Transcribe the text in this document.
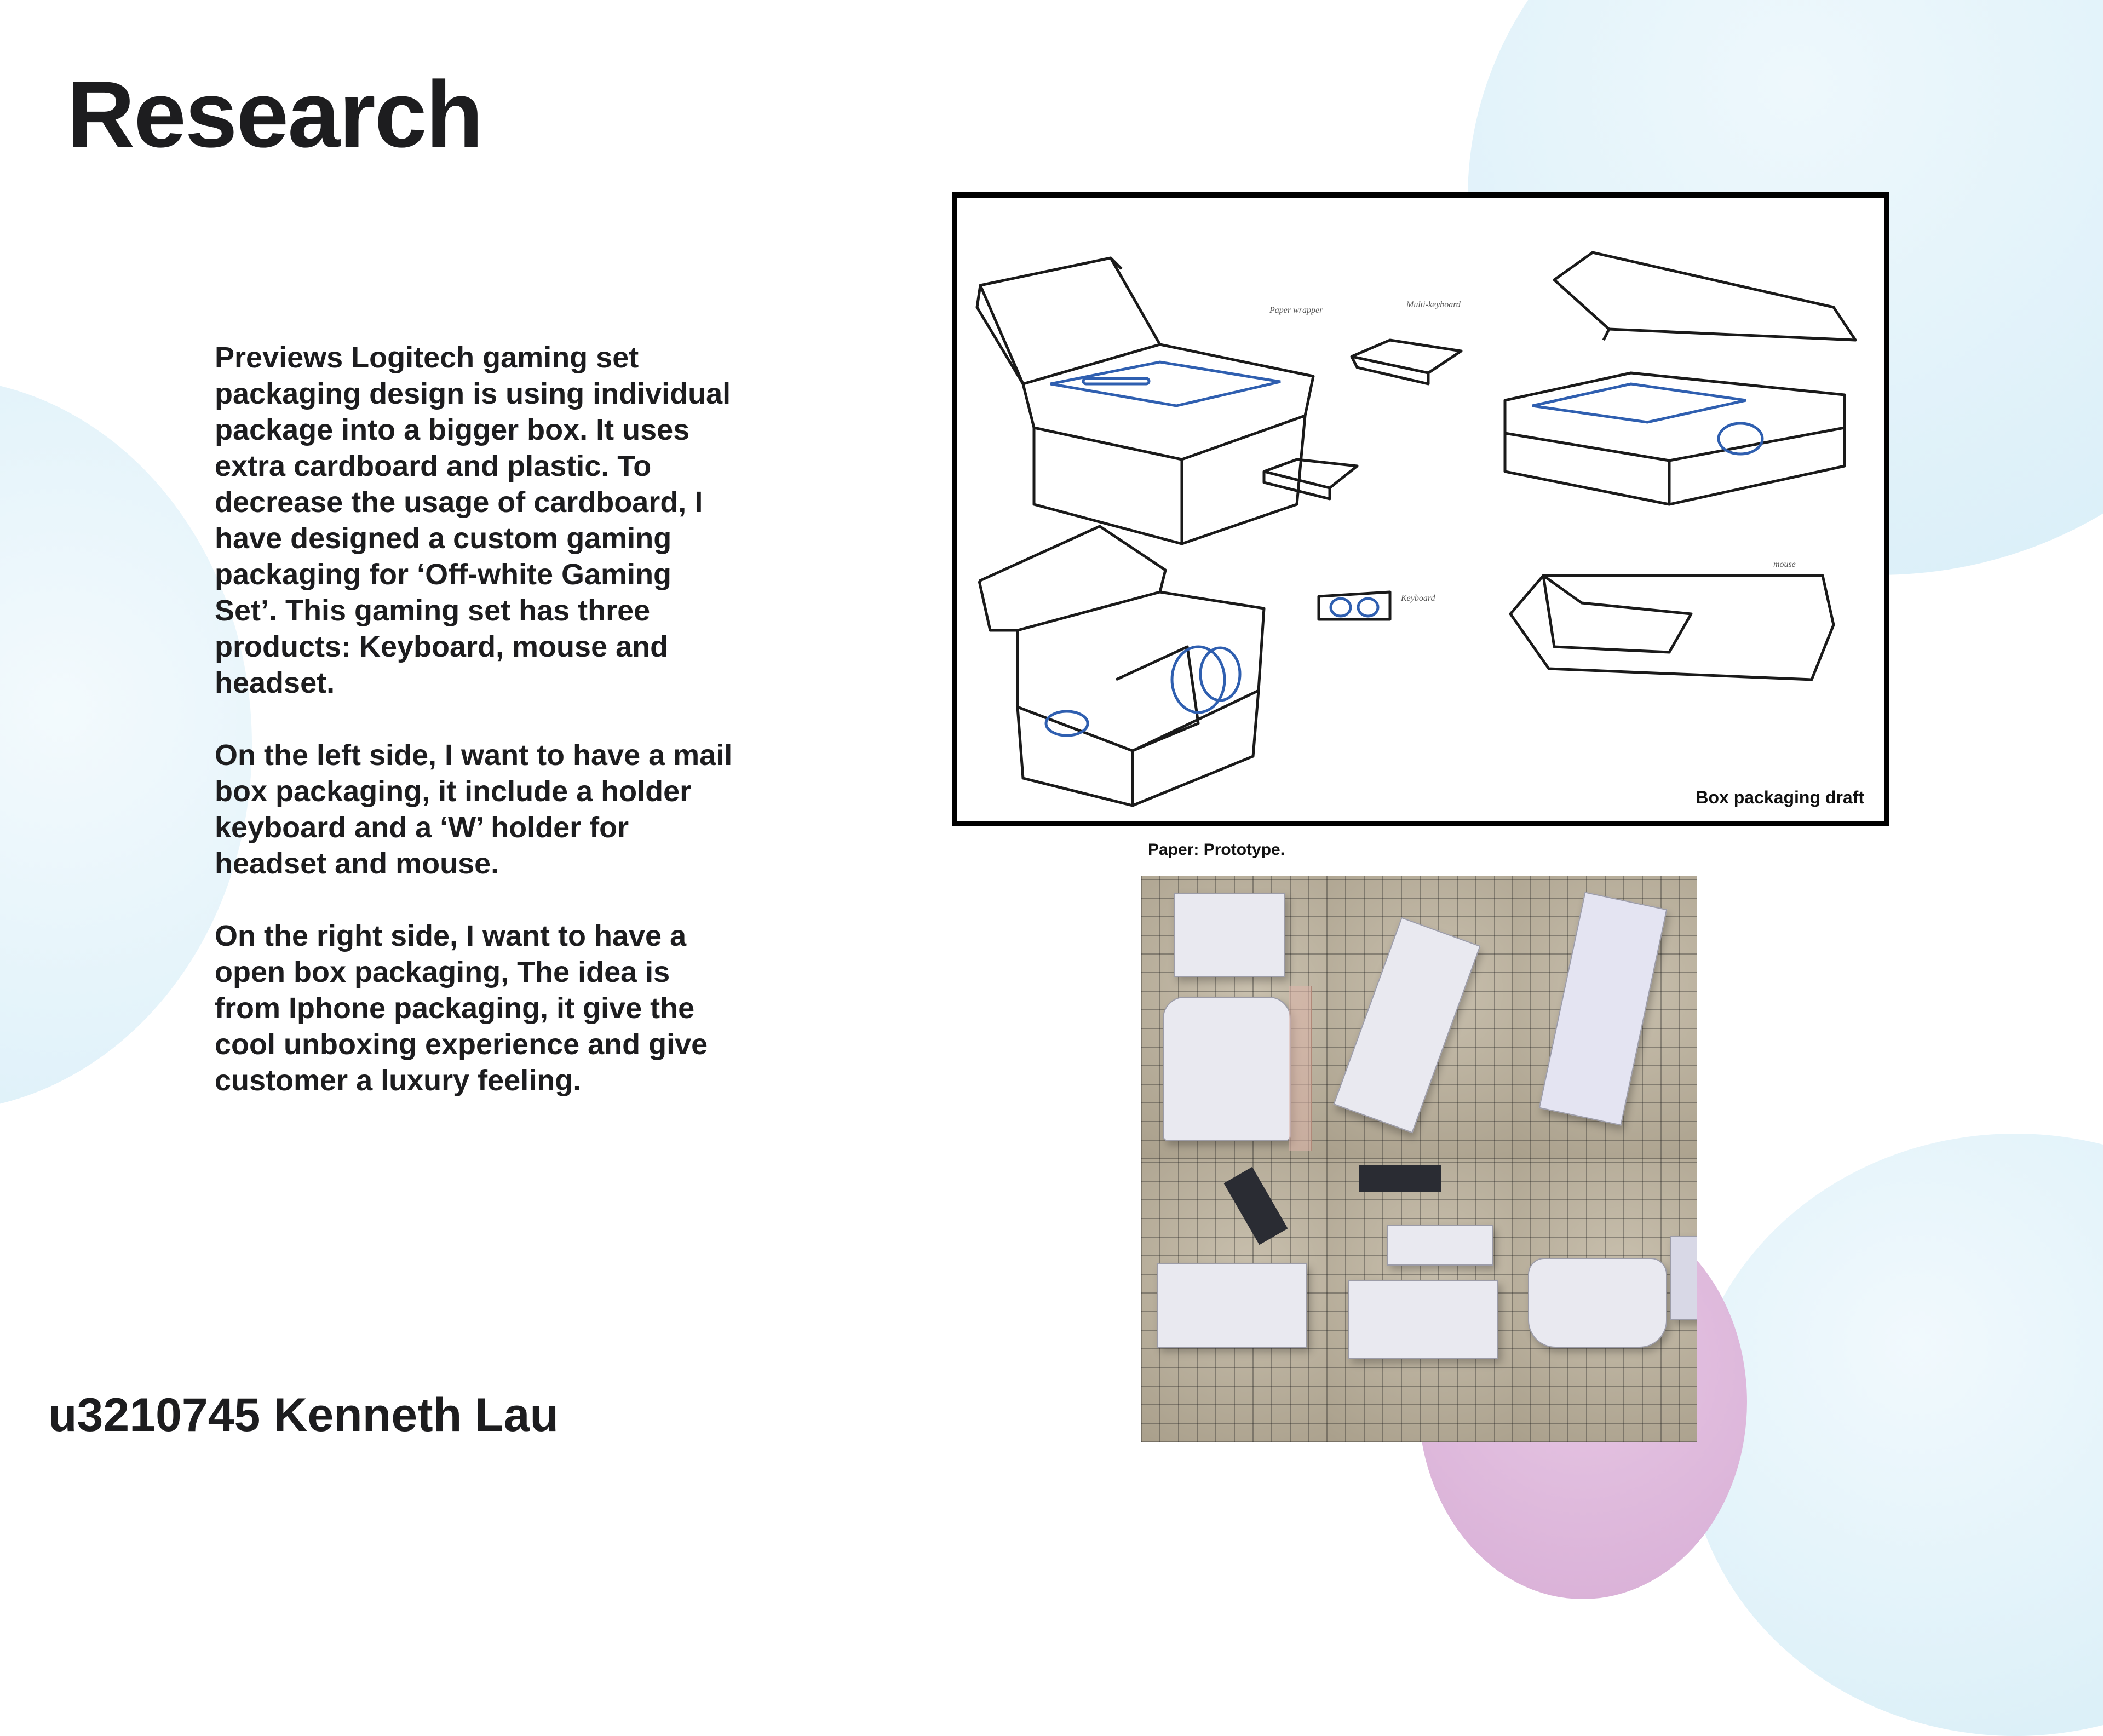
Research

Previews Logitech gaming set packaging design is using individual package into a bigger box. It uses extra cardboard and plastic. To decrease the usage of cardboard, I have designed a custom gaming packaging for ‘Off-white Gaming Set’. This gaming set has three products: Keyboard, mouse and headset.

On the left side, I want to have a mail box packaging, it include a holder keyboard and a ‘W’ holder for headset and mouse.

On the right side, I want to have a open box packaging, The idea is from Iphone packaging, it give the cool unboxing experience and give customer a luxury feeling.

Paper wrapper
Multi-keyboard
Keyboard
mouse
Box packaging draft
Paper: Prototype.
u3210745 Kenneth Lau
